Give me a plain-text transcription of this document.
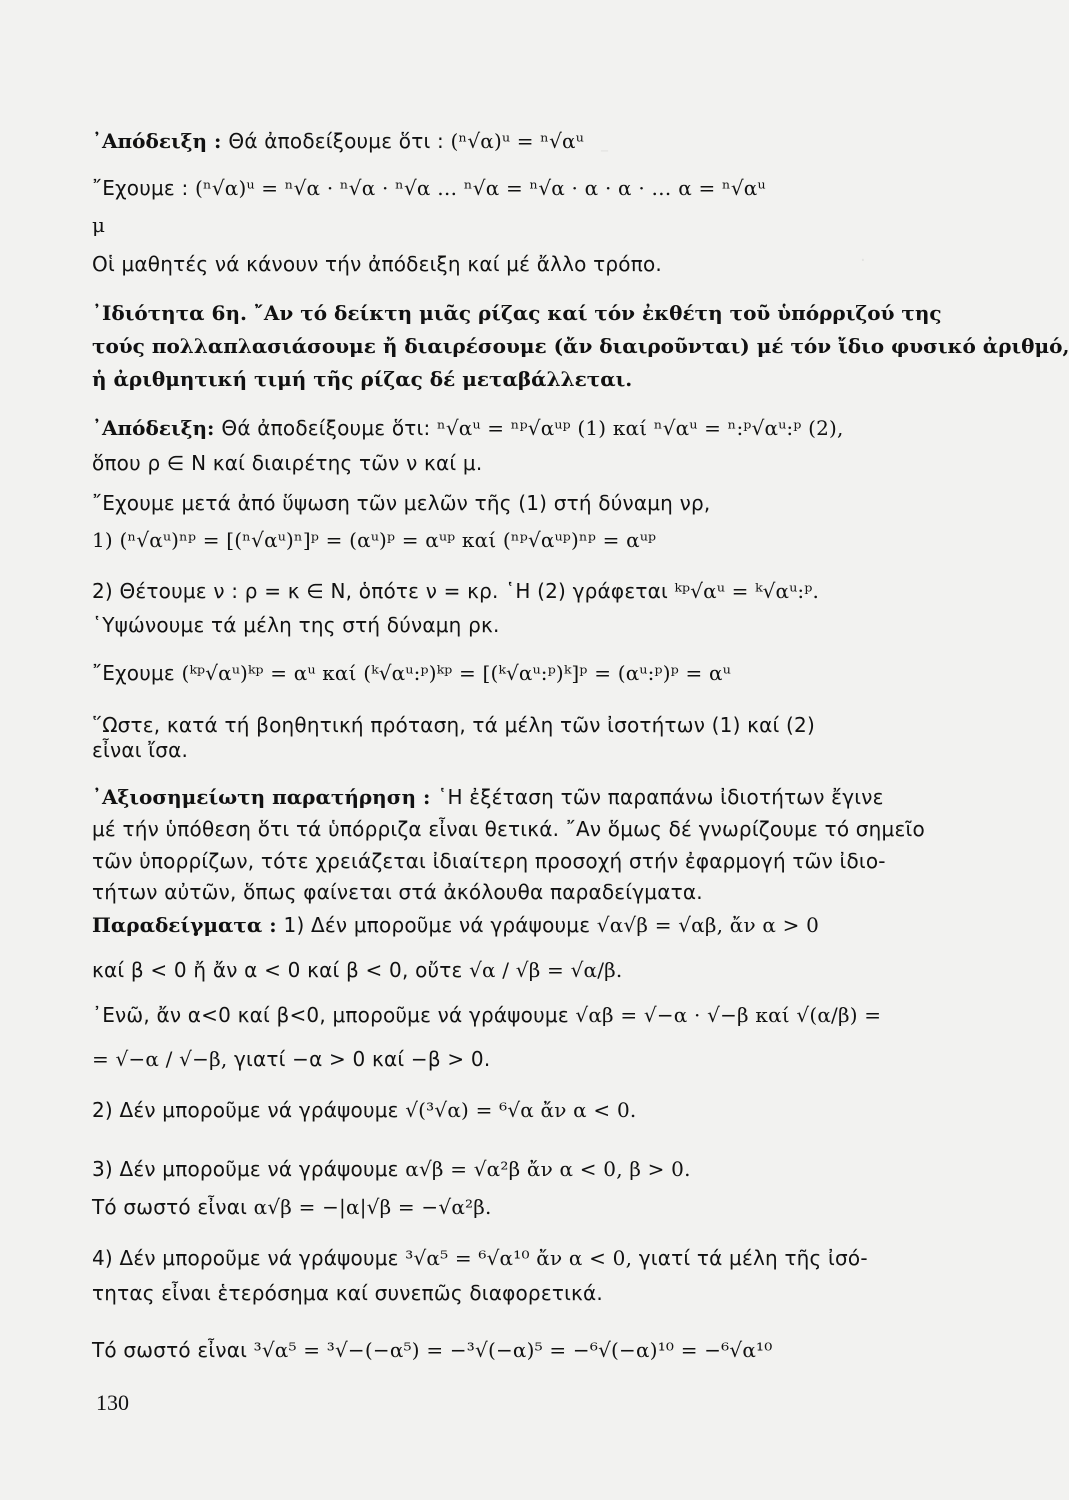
–
·
᾿Απόδειξη : Θά ἀποδείξουμε ὅτι : (ⁿ√α)ᵘ = ⁿ√αᵘ
῎Εχουμε : (ⁿ√α)ᵘ = ⁿ√α · ⁿ√α · ⁿ√α … ⁿ√α = ⁿ√α · α · α · … α = ⁿ√αᵘ
μ
Οἱ μαθητές νά κάνουν τήν ἀπόδειξη καί μέ ἄλλο τρόπο.
᾿Ιδιότητα 6η. ῎Αν τό δείκτη μιᾶς ρίζας καί τόν ἐκθέτη τοῦ ὑπόρριζού της
τούς πολλαπλασιάσουμε ἤ διαιρέσουμε (ἄν διαιροῦνται) μέ τόν ἴδιο φυσικό ἀριθμό,
ἡ ἀριθμητική τιμή τῆς ρίζας δέ μεταβάλλεται.
᾿Απόδειξη: Θά ἀποδείξουμε ὅτι: ⁿ√αᵘ = ⁿᵖ√αᵘᵖ (1) καί ⁿ√αᵘ = ⁿ:ᵖ√αᵘ:ᵖ (2),
ὅπου ρ ∈ N καί διαιρέτης τῶν ν καί μ.
῎Εχουμε μετά ἀπό ὕψωση τῶν μελῶν τῆς (1) στή δύναμη νρ,
1) (ⁿ√αᵘ)ⁿᵖ = [(ⁿ√αᵘ)ⁿ]ᵖ = (αᵘ)ᵖ = αᵘᵖ καί (ⁿᵖ√αᵘᵖ)ⁿᵖ = αᵘᵖ
2) Θέτουμε ν : ρ = κ ∈ N, ὁπότε ν = κρ. ῾Η (2) γράφεται ᵏᵖ√αᵘ = ᵏ√αᵘ:ᵖ.
῾Υψώνουμε τά μέλη της στή δύναμη ρκ.
῎Εχουμε (ᵏᵖ√αᵘ)ᵏᵖ = αᵘ καί (ᵏ√αᵘ:ᵖ)ᵏᵖ = [(ᵏ√αᵘ:ᵖ)ᵏ]ᵖ = (αᵘ:ᵖ)ᵖ = αᵘ
῞Ωστε, κατά τή βοηθητική πρόταση, τά μέλη τῶν ἰσοτήτων (1) καί (2)
εἶναι ἴσα.
᾿Αξιοσημείωτη παρατήρηση : ῾Η ἐξέταση τῶν παραπάνω ἰδιοτήτων ἔγινε
μέ τήν ὑπόθεση ὅτι τά ὑπόρριζα εἶναι θετικά. ῎Αν ὅμως δέ γνωρίζουμε τό σημεῖο
τῶν ὑπορρίζων, τότε χρειάζεται ἰδιαίτερη προσοχή στήν ἐφαρμογή τῶν ἰδιο-
τήτων αὐτῶν, ὅπως φαίνεται στά ἀκόλουθα παραδείγματα.
Παραδείγματα : 1) Δέν μποροῦμε νά γράψουμε √α√β = √αβ, ἄν α > 0
καί β < 0 ἤ ἄν α < 0 καί β < 0, οὔτε √α / √β = √α/β.
᾿Ενῶ, ἄν α<0 καί β<0, μποροῦμε νά γράψουμε √αβ = √−α · √−β καί √(α/β) =
= √−α / √−β, γιατί −α > 0 καί −β > 0.
2) Δέν μποροῦμε νά γράψουμε √(³√α) = ⁶√α ἄν α < 0.
3) Δέν μποροῦμε νά γράψουμε α√β = √α²β ἄν α < 0, β > 0.
Τό σωστό εἶναι α√β = −|α|√β = −√α²β.
4) Δέν μποροῦμε νά γράψουμε ³√α⁵ = ⁶√α¹⁰ ἄν α < 0, γιατί τά μέλη τῆς ἰσό-
τητας εἶναι ἑτερόσημα καί συνεπῶς διαφορετικά.
Τό σωστό εἶναι ³√α⁵ = ³√−(−α⁵) = −³√(−α)⁵ = −⁶√(−α)¹⁰ = −⁶√α¹⁰
130
